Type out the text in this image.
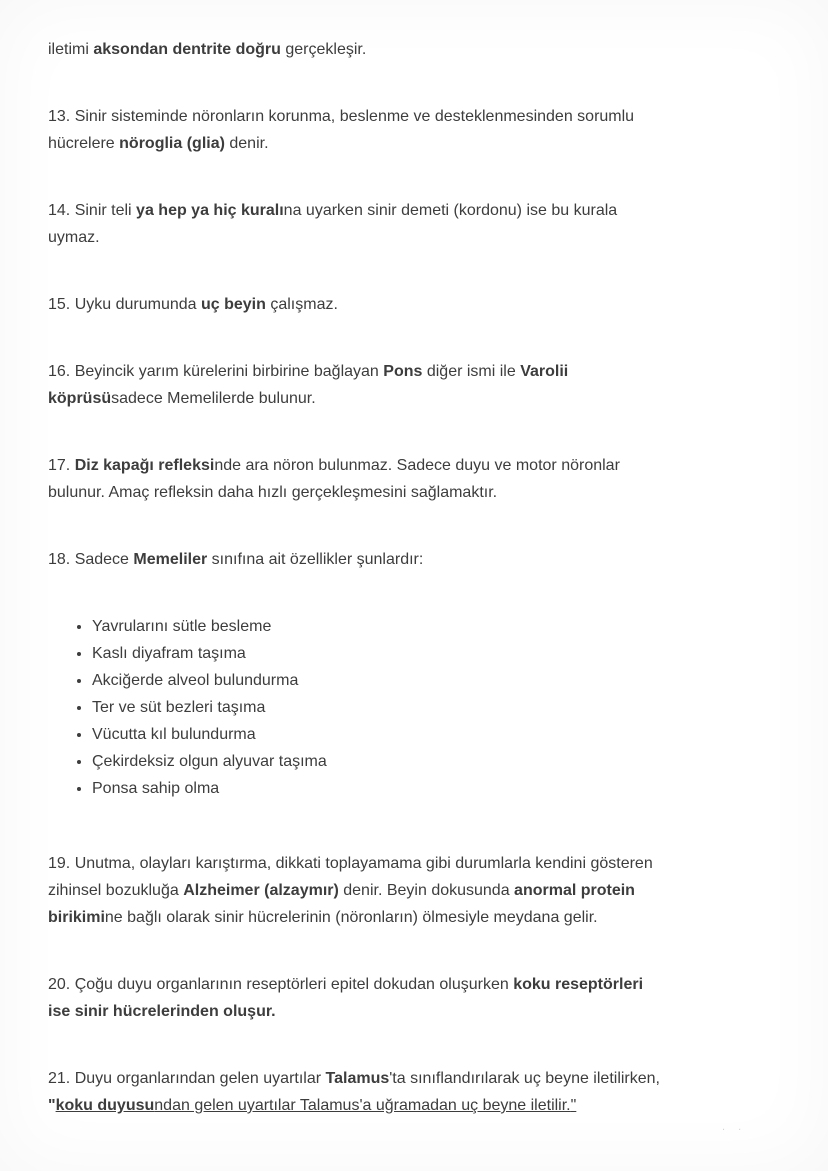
iletimi aksondan dentrite doğru gerçekleşir.

13. Sinir sisteminde nöronların korunma, beslenme ve desteklenmesinden sorumlu
hücrelere nöroglia (glia) denir.

14. Sinir teli ya hep ya hiç kuralına uyarken sinir demeti (kordonu) ise bu kurala
uymaz.

15. Uyku durumunda uç beyin çalışmaz.

16. Beyincik yarım kürelerini birbirine bağlayan Pons diğer ismi ile Varolii
köprüsüsadece Memelilerde bulunur.

17. Diz kapağı refleksinde ara nöron bulunmaz. Sadece duyu ve motor nöronlar
bulunur. Amaç refleksin daha hızlı gerçekleşmesini sağlamaktır.

18. Sadece Memeliler sınıfına ait özellikler şunlardır:

• Yavrularını sütle besleme
• Kaslı diyafram taşıma
• Akciğerde alveol bulundurma
• Ter ve süt bezleri taşıma
• Vücutta kıl bulundurma
• Çekirdeksiz olgun alyuvar taşıma
• Ponsa sahip olma

19. Unutma, olayları karıştırma, dikkati toplayamama gibi durumlarla kendini gösteren
zihinsel bozukluğa Alzheimer (alzaymır) denir. Beyin dokusunda anormal protein
birikimine bağlı olarak sinir hücrelerinin (nöronların) ölmesiyle meydana gelir.

20. Çoğu duyu organlarının reseptörleri epitel dokudan oluşurken koku reseptörleri
ise sinir hücrelerinden oluşur.

21. Duyu organlarından gelen uyartılar Talamus'ta sınıflandırılarak uç beyne iletilirken,
"koku duyusundan gelen uyartılar Talamus'a uğramadan uç beyne iletilir."

. .
